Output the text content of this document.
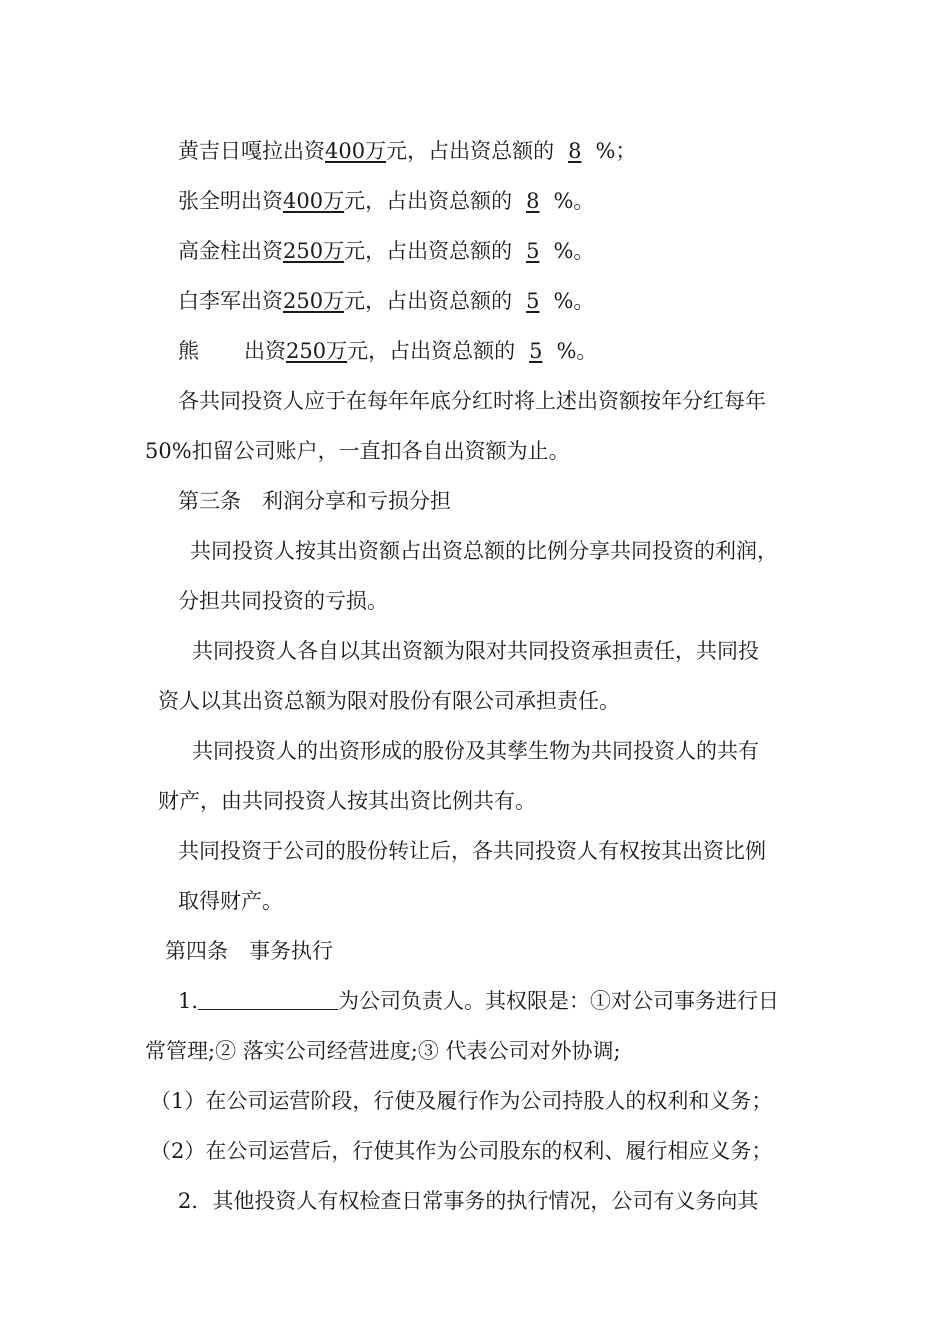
黄吉日嘎拉出资400万元，占出资总额的 8 %；
张全明出资400万元，占出资总额的 8 %。
高金柱出资250万元，占出资总额的 5 %。
白李军出资250万元，占出资总额的 5 %。
熊 出资250万元，占出资总额的 5 %。
各共同投资人应于在每年年底分红时将上述出资额按年分红每年
50%扣留公司账户，一直扣各自出资额为止。
第三条　利润分享和亏损分担
共同投资人按其出资额占出资总额的比例分享共同投资的利润，
分担共同投资的亏损。
共同投资人各自以其出资额为限对共同投资承担责任，共同投
资人以其出资总额为限对股份有限公司承担责任。
共同投资人的出资形成的股份及其孳生物为共同投资人的共有
财产，由共同投资人按其出资比例共有。
共同投资于公司的股份转让后，各共同投资人有权按其出资比例
取得财产。
第四条　事务执行
1.	为公司负责人。其权限是：①对公司事务进行日
常管理;② 落实公司经营进度;③ 代表公司对外协调;
（1）在公司运营阶段，行使及履行作为公司持股人的权利和义务；
（2）在公司运营后，行使其作为公司股东的权利、履行相应义务；
2．其他投资人有权检查日常事务的执行情况，公司有义务向其
